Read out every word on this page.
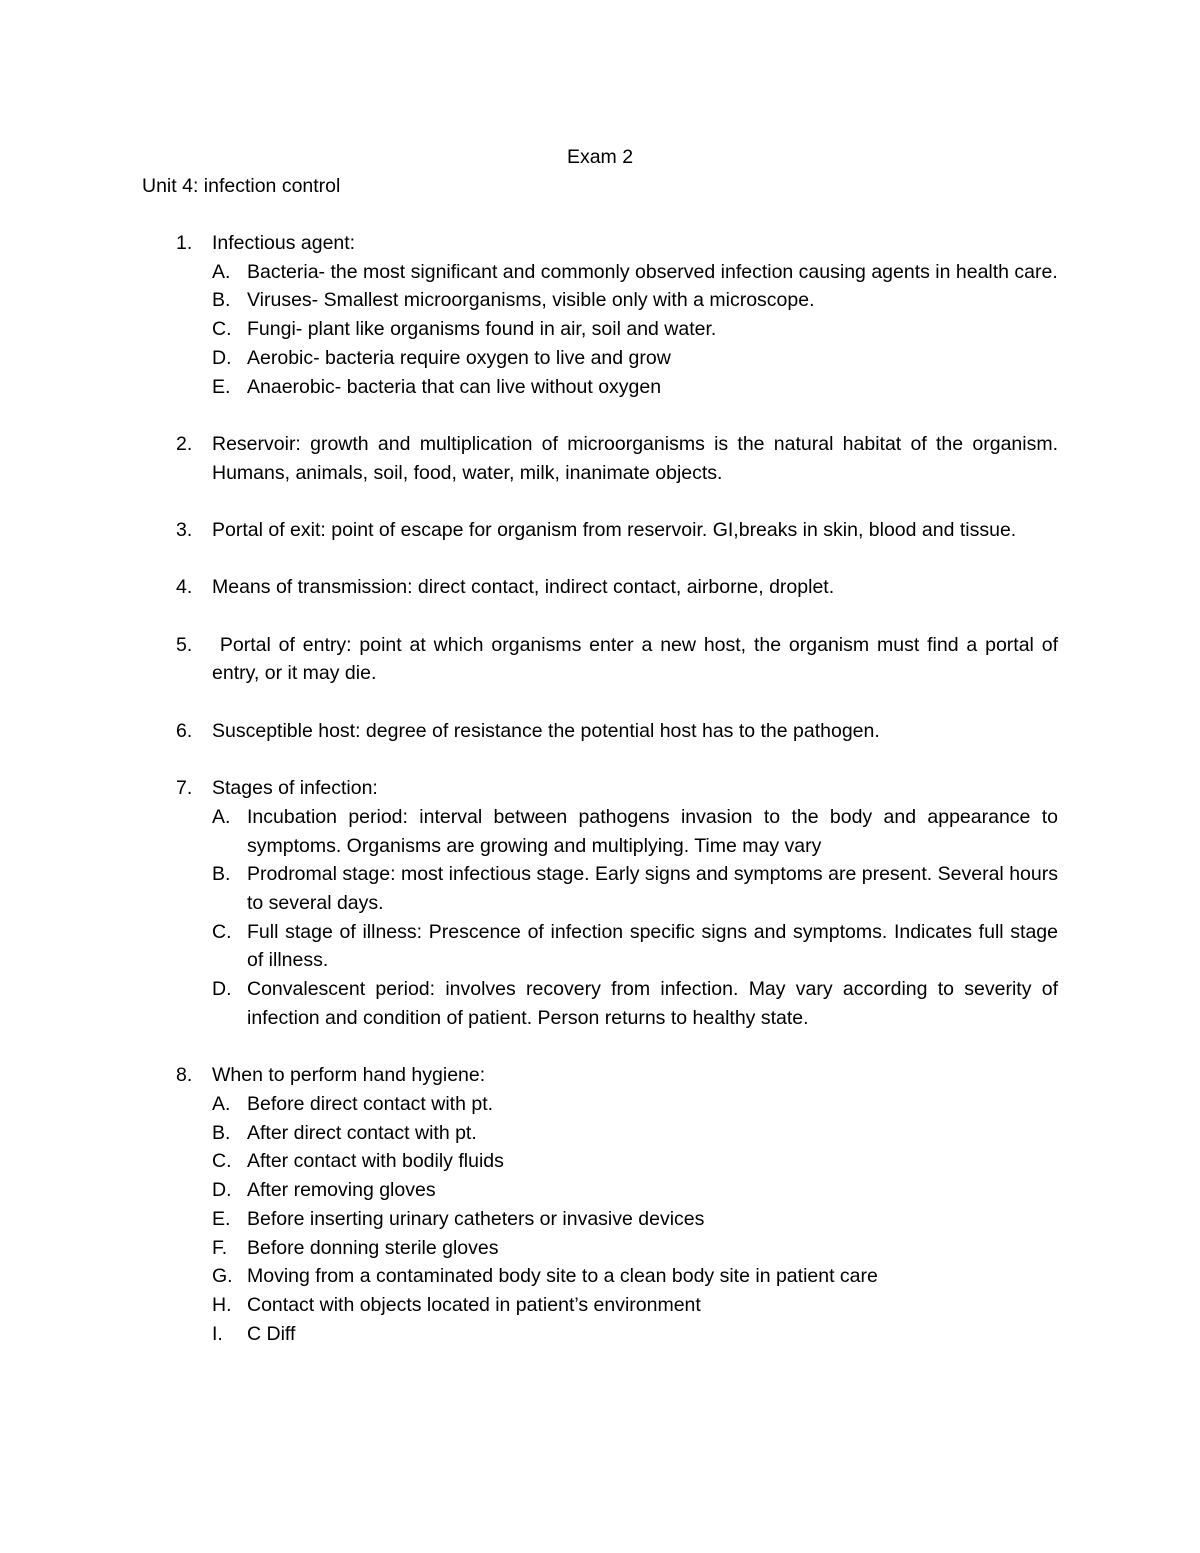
Exam 2
Unit 4: infection control
1. Infectious agent:
A. Bacteria- the most significant and commonly observed infection causing agents in health care.
B. Viruses- Smallest microorganisms, visible only with a microscope.
C. Fungi- plant like organisms found in air, soil and water.
D. Aerobic- bacteria require oxygen to live and grow
E. Anaerobic- bacteria that can live without oxygen
2. Reservoir: growth and multiplication of microorganisms is the natural habitat of the organism. Humans, animals, soil, food, water, milk, inanimate objects.
3. Portal of exit: point of escape for organism from reservoir. GI,breaks in skin, blood and tissue.
4. Means of transmission: direct contact, indirect contact, airborne, droplet.
5. Portal of entry: point at which organisms enter a new host, the organism must find a portal of entry, or it may die.
6. Susceptible host: degree of resistance the potential host has to the pathogen.
7. Stages of infection:
A. Incubation period: interval between pathogens invasion to the body and appearance to symptoms. Organisms are growing and multiplying. Time may vary
B. Prodromal stage: most infectious stage. Early signs and symptoms are present. Several hours to several days.
C. Full stage of illness: Prescence of infection specific signs and symptoms. Indicates full stage of illness.
D. Convalescent period: involves recovery from infection. May vary according to severity of infection and condition of patient. Person returns to healthy state.
8. When to perform hand hygiene:
A. Before direct contact with pt.
B. After direct contact with pt.
C. After contact with bodily fluids
D. After removing gloves
E. Before inserting urinary catheters or invasive devices
F. Before donning sterile gloves
G. Moving from a contaminated body site to a clean body site in patient care
H. Contact with objects located in patient’s environment
I. C Diff
